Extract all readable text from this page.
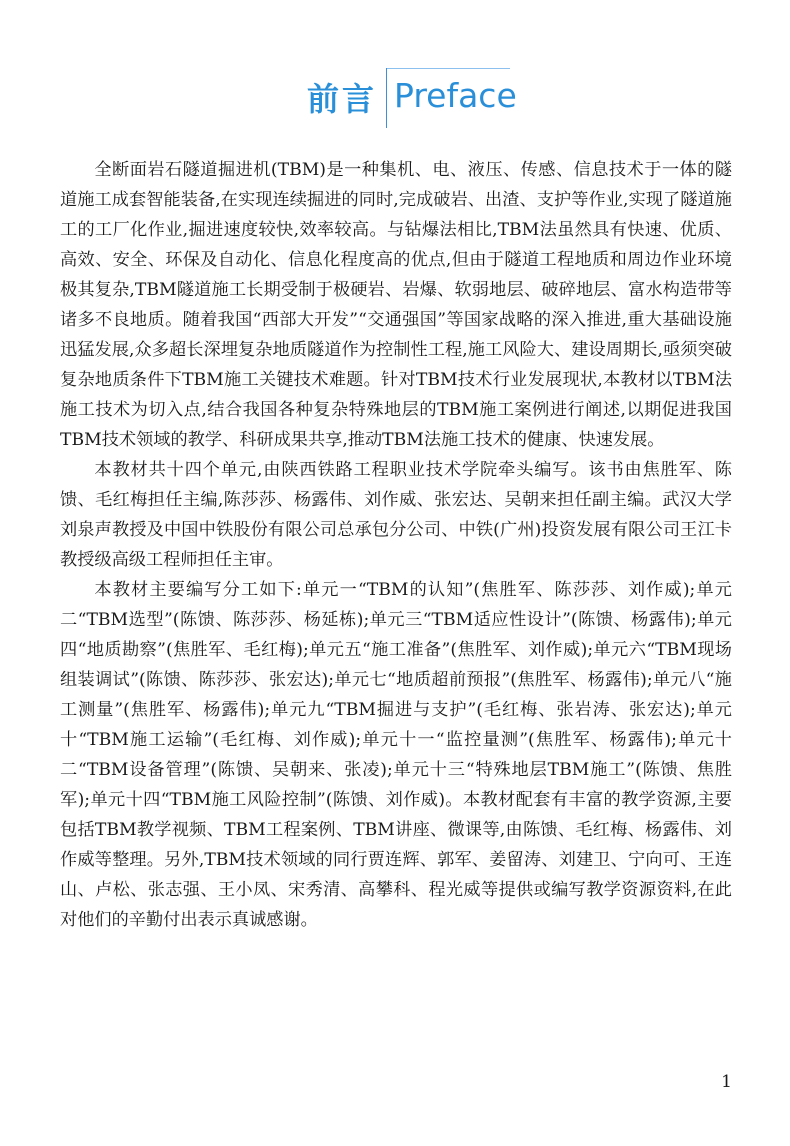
前言 Preface

全断面岩石隧道掘进机(TBM)是一种集机、电、液压、传感、信息技术于一体的隧道施工成套智能装备,在实现连续掘进的同时,完成破岩、出渣、支护等作业,实现了隧道施工的工厂化作业,掘进速度较快,效率较高。与钻爆法相比,TBM法虽然具有快速、优质、高效、安全、环保及自动化、信息化程度高的优点,但由于隧道工程地质和周边作业环境极其复杂,TBM隧道施工长期受制于极硬岩、岩爆、软弱地层、破碎地层、富水构造带等诸多不良地质。随着我国“西部大开发”“交通强国”等国家战略的深入推进,重大基础设施迅猛发展,众多超长深埋复杂地质隧道作为控制性工程,施工风险大、建设周期长,亟须突破复杂地质条件下TBM施工关键技术难题。针对TBM技术行业发展现状,本教材以TBM法施工技术为切入点,结合我国各种复杂特殊地层的TBM施工案例进行阐述,以期促进我国TBM技术领域的教学、科研成果共享,推动TBM法施工技术的健康、快速发展。

本教材共十四个单元,由陕西铁路工程职业技术学院牵头编写。该书由焦胜军、陈馈、毛红梅担任主编,陈莎莎、杨露伟、刘作威、张宏达、吴朝来担任副主编。武汉大学刘泉声教授及中国中铁股份有限公司总承包分公司、中铁(广州)投资发展有限公司王江卡教授级高级工程师担任主审。

本教材主要编写分工如下:单元一“TBM的认知”(焦胜军、陈莎莎、刘作威);单元二“TBM选型”(陈馈、陈莎莎、杨延栋);单元三“TBM适应性设计”(陈馈、杨露伟);单元四“地质勘察”(焦胜军、毛红梅);单元五“施工准备”(焦胜军、刘作威);单元六“TBM现场组装调试”(陈馈、陈莎莎、张宏达);单元七“地质超前预报”(焦胜军、杨露伟);单元八“施工测量”(焦胜军、杨露伟);单元九“TBM掘进与支护”(毛红梅、张岩涛、张宏达);单元十“TBM施工运输”(毛红梅、刘作威);单元十一“监控量测”(焦胜军、杨露伟);单元十二“TBM设备管理”(陈馈、吴朝来、张凌);单元十三“特殊地层TBM施工”(陈馈、焦胜军);单元十四“TBM施工风险控制”(陈馈、刘作威)。本教材配套有丰富的教学资源,主要包括TBM教学视频、TBM工程案例、TBM讲座、微课等,由陈馈、毛红梅、杨露伟、刘作威等整理。另外,TBM技术领域的同行贾连辉、郭军、姜留涛、刘建卫、宁向可、王连山、卢松、张志强、王小凤、宋秀清、高攀科、程光威等提供或编写教学资源资料,在此对他们的辛勤付出表示真诚感谢。

1
